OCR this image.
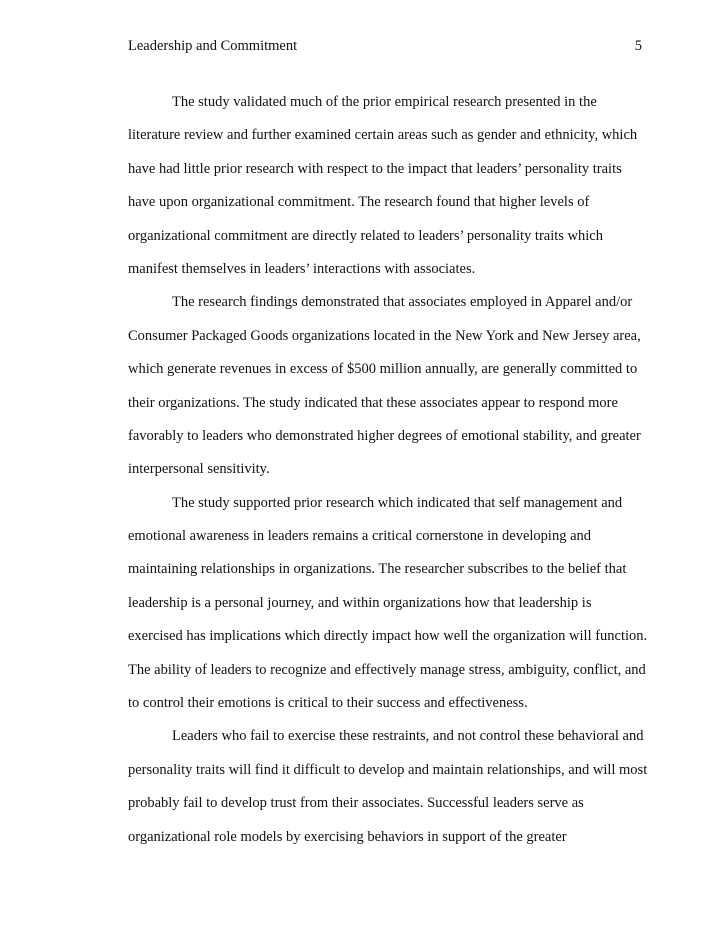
Leadership and Commitment	5
The study validated much of the prior empirical research presented in the
literature review and further examined certain areas such as gender and ethnicity, which
have had little prior research with respect to the impact that leaders’ personality traits
have upon organizational commitment. The research found that higher levels of
organizational commitment are directly related to leaders’ personality traits which
manifest themselves in leaders’ interactions with associates.
The research findings demonstrated that associates employed in Apparel and/or
Consumer Packaged Goods organizations located in the New York and New Jersey area,
which generate revenues in excess of $500 million annually, are generally committed to
their organizations. The study indicated that these associates appear to respond more
favorably to leaders who demonstrated higher degrees of emotional stability, and greater
interpersonal sensitivity.
The study supported prior research which indicated that self management and
emotional awareness in leaders remains a critical cornerstone in developing and
maintaining relationships in organizations. The researcher subscribes to the belief that
leadership is a personal journey, and within organizations how that leadership is
exercised has implications which directly impact how well the organization will function.
The ability of leaders to recognize and effectively manage stress, ambiguity, conflict, and
to control their emotions is critical to their success and effectiveness.
Leaders who fail to exercise these restraints, and not control these behavioral and
personality traits will find it difficult to develop and maintain relationships, and will most
probably fail to develop trust from their associates. Successful leaders serve as
organizational role models by exercising behaviors in support of the greater
